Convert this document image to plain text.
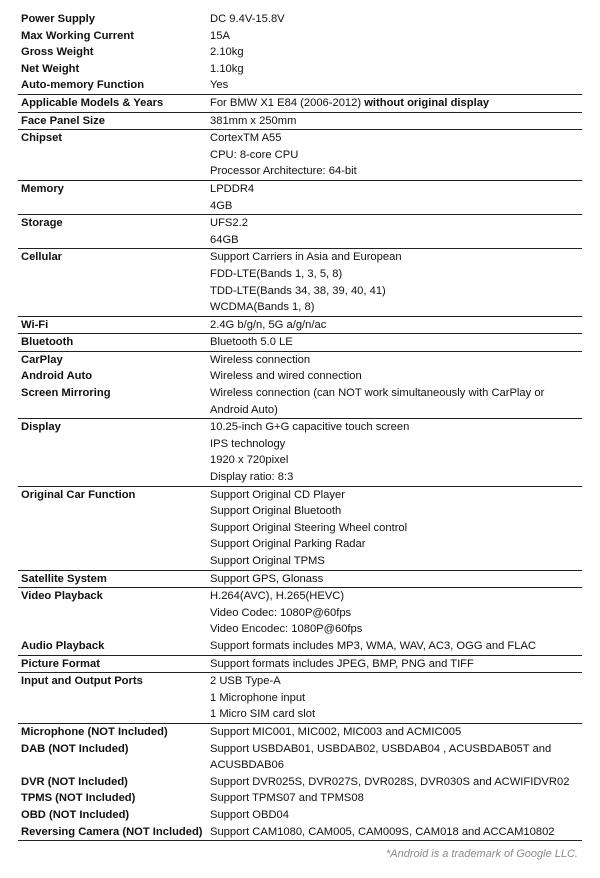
Power Supply	DC 9.4V-15.8V
Max Working Current	15A
Gross Weight	2.10kg
Net Weight	1.10kg
Auto-memory Function	Yes
Applicable Models & Years	For BMW X1 E84 (2006-2012) without original display
Face Panel Size	381mm x 250mm
Chipset	CortexTM A55
CPU: 8-core CPU
Processor Architecture: 64-bit
Memory	LPDDR4
4GB
Storage	UFS2.2
64GB
Cellular	Support Carriers in Asia and European
FDD-LTE(Bands 1, 3, 5, 8)
TDD-LTE(Bands 34, 38, 39, 40, 41)
WCDMA(Bands 1, 8)
Wi-Fi	2.4G b/g/n, 5G a/g/n/ac
Bluetooth	Bluetooth 5.0 LE
CarPlay	Wireless connection
Android Auto	Wireless and wired connection
Screen Mirroring	Wireless connection (can NOT work simultaneously with CarPlay or
Android Auto)
Display	10.25-inch G+G capacitive touch screen
IPS technology
1920 x 720pixel
Display ratio: 8:3
Original Car Function	Support Original CD Player
Support Original Bluetooth
Support Original Steering Wheel control
Support Original Parking Radar
Support Original TPMS
Satellite System	Support GPS, Glonass
Video Playback	H.264(AVC), H.265(HEVC)
Video Codec: 1080P@60fps
Video Encodec: 1080P@60fps
Audio Playback	Support formats includes MP3, WMA, WAV, AC3, OGG and FLAC
Picture Format	Support formats includes JPEG, BMP, PNG and TIFF
Input and Output Ports	2 USB Type-A
1 Microphone input
1 Micro SIM card slot
Microphone (NOT Included)	Support MIC001, MIC002, MIC003 and ACMIC005
DAB (NOT Included)	Support USBDAB01, USBDAB02, USBDAB04 , ACUSBDAB05T and
ACUSBDAB06
DVR (NOT Included)	Support DVR025S, DVR027S, DVR028S, DVR030S and ACWIFIDVR02
TPMS (NOT Included)	Support TPMS07 and TPMS08
OBD (NOT Included)	Support OBD04
Reversing Camera (NOT Included) Support CAM1080, CAM005, CAM009S, CAM018 and ACCAM10802
*Android is a trademark of Google LLC.
